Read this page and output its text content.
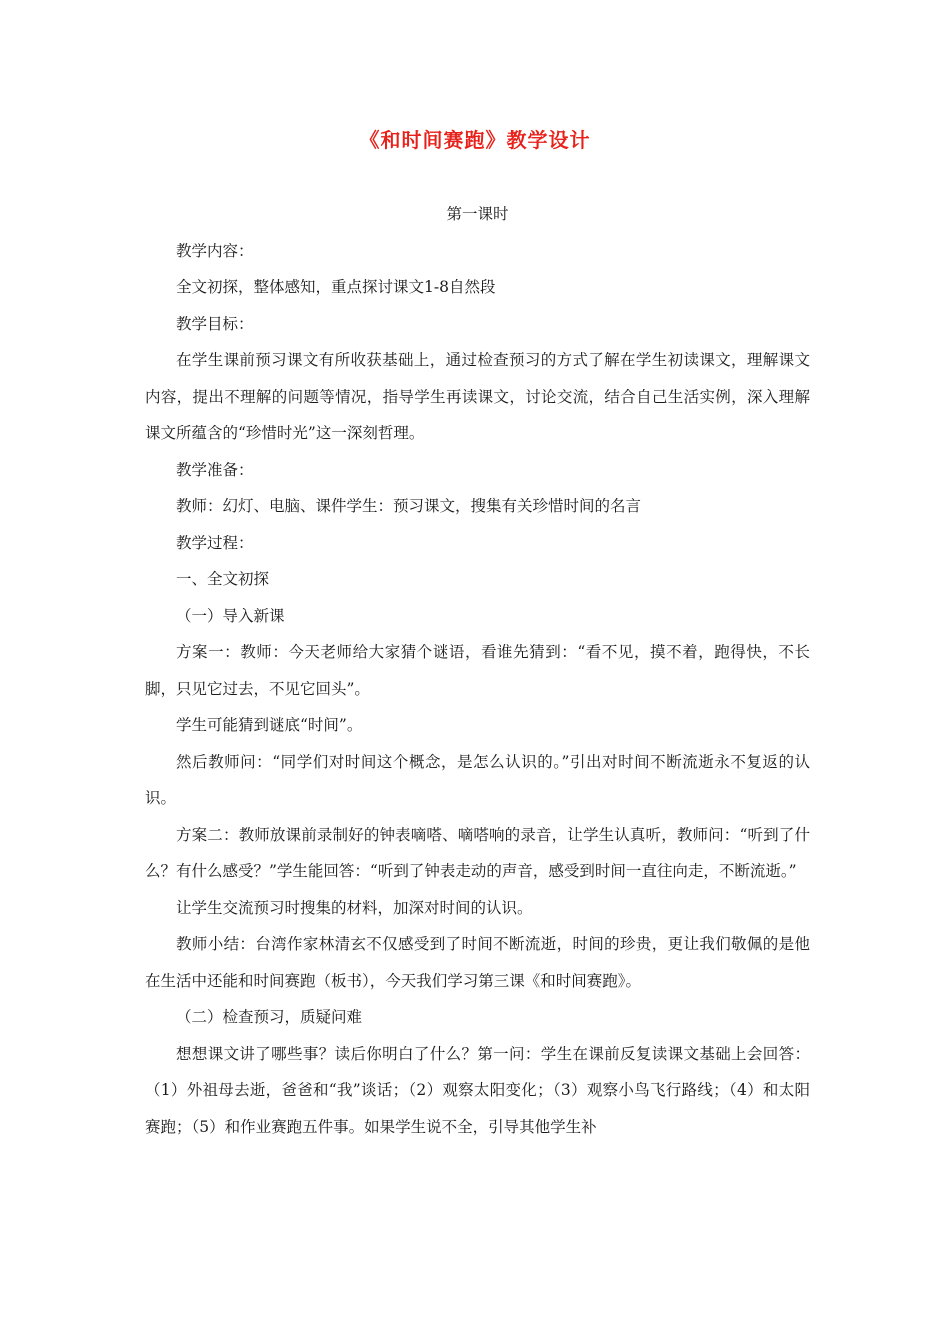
《和时间赛跑》教学设计

第一课时

教学内容：

全文初探，整体感知，重点探讨课文1-8自然段

教学目标：

在学生课前预习课文有所收获基础上，通过检查预习的方式了解在学生初读课文，理解课文内容，提出不理解的问题等情况，指导学生再读课文，讨论交流，结合自己生活实例，深入理解课文所蕴含的“珍惜时光”这一深刻哲理。

教学准备：

教师：幻灯、电脑、课件学生：预习课文，搜集有关珍惜时间的名言

教学过程：

一、全文初探

（一）导入新课

方案一：教师：今天老师给大家猜个谜语，看谁先猜到：“看不见，摸不着，跑得快，不长脚，只见它过去，不见它回头”。

学生可能猜到谜底“时间”。

然后教师问：“同学们对时间这个概念，是怎么认识的。”引出对时间不断流逝永不复返的认识。

方案二：教师放课前录制好的钟表嘀嗒、嘀嗒响的录音，让学生认真听，教师问：“听到了什么？有什么感受？”学生能回答：“听到了钟表走动的声音，感受到时间一直往向走，不断流逝。”

让学生交流预习时搜集的材料，加深对时间的认识。

教师小结：台湾作家林清玄不仅感受到了时间不断流逝，时间的珍贵，更让我们敬佩的是他在生活中还能和时间赛跑（板书），今天我们学习第三课《和时间赛跑》。

（二）检查预习，质疑问难

想想课文讲了哪些事？读后你明白了什么？第一问：学生在课前反复读课文基础上会回答：（1）外祖母去逝，爸爸和“我”谈话；（2）观察太阳变化；（3）观察小鸟飞行路线；（4）和太阳赛跑；（5）和作业赛跑五件事。如果学生说不全，引导其他学生补
